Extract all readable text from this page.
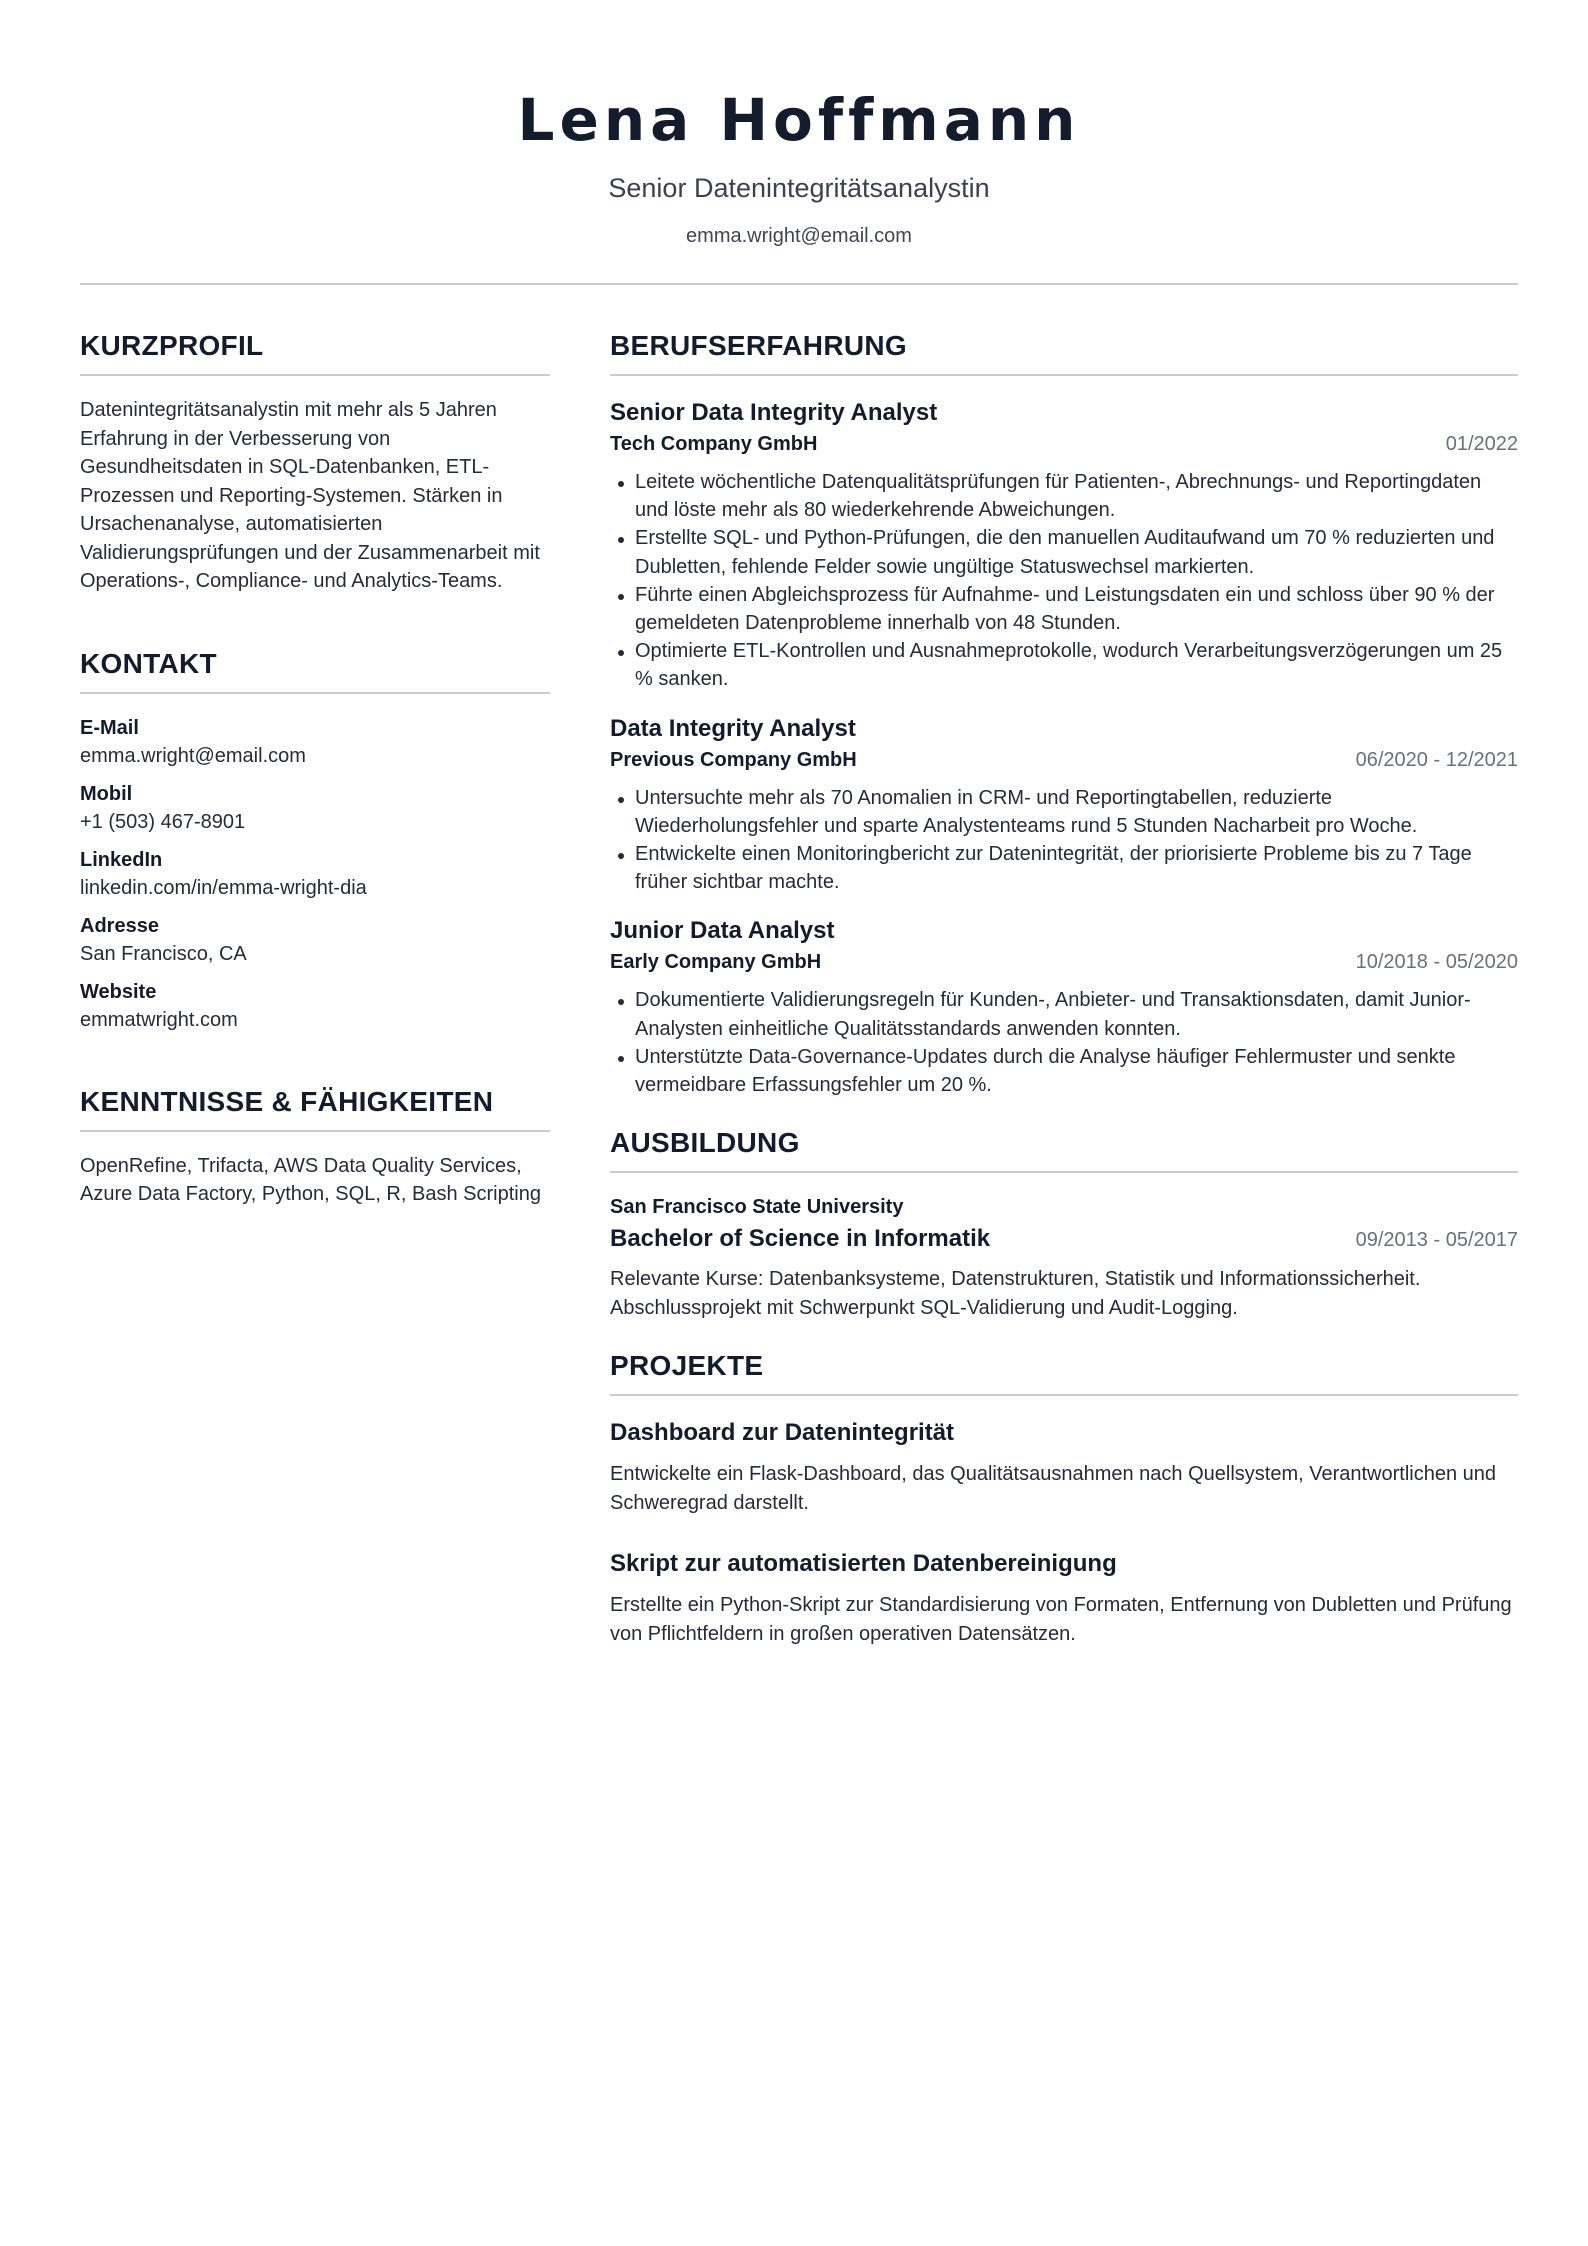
Lena Hoffmann
Senior Datenintegritätsanalystin
emma.wright@email.com
KURZPROFIL
Datenintegritätsanalystin mit mehr als 5 Jahren Erfahrung in der Verbesserung von Gesundheitsdaten in SQL-Datenbanken, ETL-Prozessen und Reporting-Systemen. Stärken in Ursachenanalyse, automatisierten Validierungsprüfungen und der Zusammenarbeit mit Operations-, Compliance- und Analytics-Teams.
KONTAKT
E-Mail
emma.wright@email.com
Mobil
+1 (503) 467-8901
LinkedIn
linkedin.com/in/emma-wright-dia
Adresse
San Francisco, CA
Website
emmatwright.com
KENNTNISSE & FÄHIGKEITEN
OpenRefine, Trifacta, AWS Data Quality Services, Azure Data Factory, Python, SQL, R, Bash Scripting
BERUFSERFAHRUNG
Senior Data Integrity Analyst
Tech Company GmbH	01/2022
Leitete wöchentliche Datenqualitätsprüfungen für Patienten-, Abrechnungs- und Reportingdaten und löste mehr als 80 wiederkehrende Abweichungen.
Erstellte SQL- und Python-Prüfungen, die den manuellen Auditaufwand um 70 % reduzierten und Dubletten, fehlende Felder sowie ungültige Statuswechsel markierten.
Führte einen Abgleichsprozess für Aufnahme- und Leistungsdaten ein und schloss über 90 % der gemeldeten Datenprobleme innerhalb von 48 Stunden.
Optimierte ETL-Kontrollen und Ausnahmeprotokolle, wodurch Verarbeitungsverzögerungen um 25 % sanken.
Data Integrity Analyst
Previous Company GmbH	06/2020 - 12/2021
Untersuchte mehr als 70 Anomalien in CRM- und Reportingtabellen, reduzierte Wiederholungsfehler und sparte Analystenteams rund 5 Stunden Nacharbeit pro Woche.
Entwickelte einen Monitoringbericht zur Datenintegrität, der priorisierte Probleme bis zu 7 Tage früher sichtbar machte.
Junior Data Analyst
Early Company GmbH	10/2018 - 05/2020
Dokumentierte Validierungsregeln für Kunden-, Anbieter- und Transaktionsdaten, damit Junior-Analysten einheitliche Qualitätsstandards anwenden konnten.
Unterstützte Data-Governance-Updates durch die Analyse häufiger Fehlermuster und senkte vermeidbare Erfassungsfehler um 20 %.
AUSBILDUNG
San Francisco State University
Bachelor of Science in Informatik	09/2013 - 05/2017
Relevante Kurse: Datenbanksysteme, Datenstrukturen, Statistik und Informationssicherheit. Abschlussprojekt mit Schwerpunkt SQL-Validierung und Audit-Logging.
PROJEKTE
Dashboard zur Datenintegrität
Entwickelte ein Flask-Dashboard, das Qualitätsausnahmen nach Quellsystem, Verantwortlichen und Schweregrad darstellt.
Skript zur automatisierten Datenbereinigung
Erstellte ein Python-Skript zur Standardisierung von Formaten, Entfernung von Dubletten und Prüfung von Pflichtfeldern in großen operativen Datensätzen.
